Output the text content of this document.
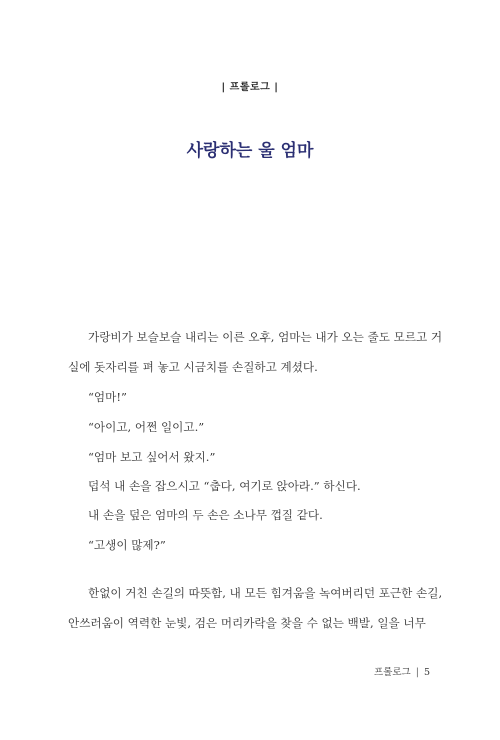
| 프롤로그 |
사랑하는 울 엄마
가랑비가 보슬보슬 내리는 이른 오후, 엄마는 내가 오는 줄도 모르고 거
실에 돗자리를 펴 놓고 시금치를 손질하고 계셨다.
“엄마!”
“아이고, 어쩐 일이고.”
“엄마 보고 싶어서 왔지.”
덥석 내 손을 잡으시고 “춥다, 여기로 앉아라.” 하신다.
내 손을 덮은 엄마의 두 손은 소나무 껍질 같다.
“고생이 많제?”
한없이 거친 손길의 따뜻함, 내 모든 힘겨움을 녹여버리던 포근한 손길,
안쓰러움이 역력한 눈빛, 검은 머리카락을 찾을 수 없는 백발, 일을 너무
프롤로그 | 5
